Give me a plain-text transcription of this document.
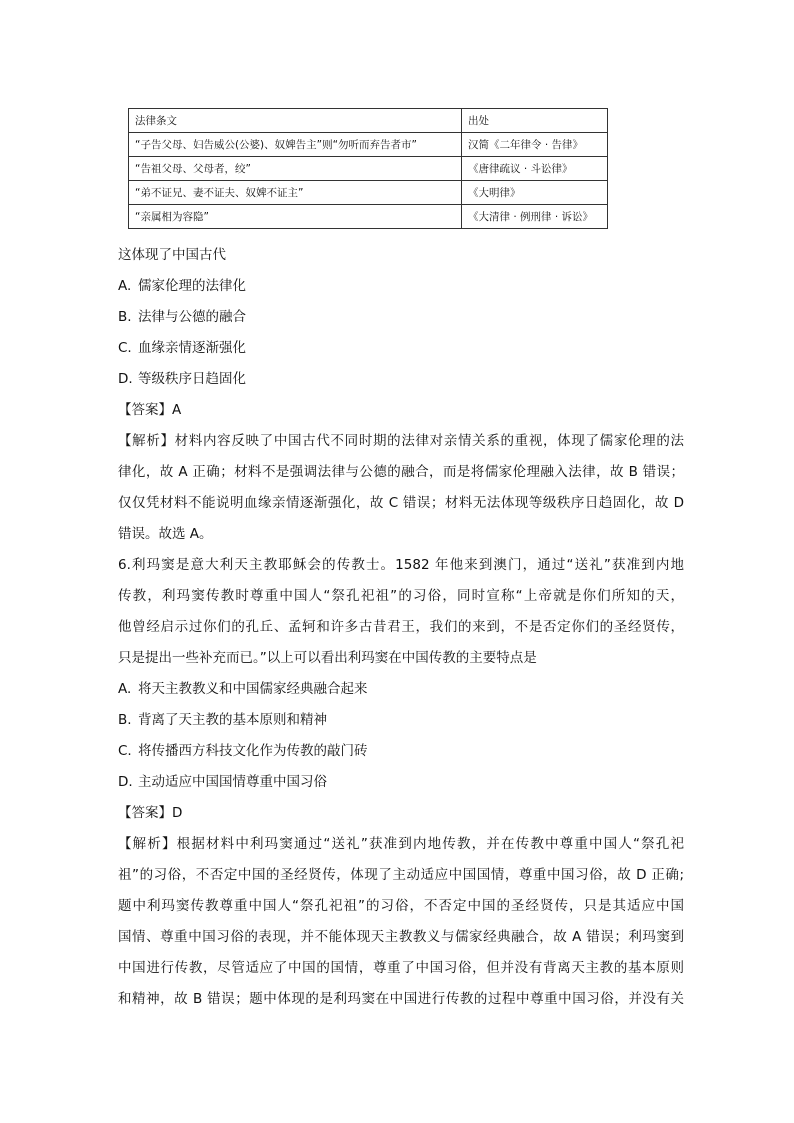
法律条文	出处
“子告父母、妇告威公(公婆)、奴婢告主”则“勿听而弃告者市”	汉简《二年律令 · 告律》
“告祖父母、父母者，绞”	《唐律疏议 · 斗讼律》
“弟不证兄、妻不证夫、奴婢不证主”	《大明律》
“亲属相为容隐”	《大清律 · 例刑律 · 诉讼》
这体现了中国古代
A. 儒家伦理的法律化
B. 法律与公德的融合
C. 血缘亲情逐渐强化
D. 等级秩序日趋固化
【答案】A
【解析】材料内容反映了中国古代不同时期的法律对亲情关系的重视，体现了儒家伦理的法
律化，故 A 正确；材料不是强调法律与公德的融合，而是将儒家伦理融入法律，故 B 错误；
仅仅凭材料不能说明血缘亲情逐渐强化，故 C 错误；材料无法体现等级秩序日趋固化，故 D
错误。故选 A。
6.利玛窦是意大利天主教耶稣会的传教士。1582 年他来到澳门，通过“送礼”获准到内地
传教，利玛窦传教时尊重中国人“祭孔祀祖”的习俗，同时宣称“上帝就是你们所知的天，
他曾经启示过你们的孔丘、孟轲和许多古昔君王，我们的来到，不是否定你们的圣经贤传，
只是提出一些补充而已。”以上可以看出利玛窦在中国传教的主要特点是
A. 将天主教教义和中国儒家经典融合起来
B. 背离了天主教的基本原则和精神
C. 将传播西方科技文化作为传教的敲门砖
D. 主动适应中国国情尊重中国习俗
【答案】D
【解析】根据材料中利玛窦通过“送礼”获准到内地传教，并在传教中尊重中国人“祭孔祀
祖”的习俗，不否定中国的圣经贤传，体现了主动适应中国国情，尊重中国习俗，故 D 正确;
题中利玛窦传教尊重中国人“祭孔祀祖”的习俗，不否定中国的圣经贤传，只是其适应中国
国情、尊重中国习俗的表现，并不能体现天主教教义与儒家经典融合，故 A 错误；利玛窦到
中国进行传教，尽管适应了中国的国情，尊重了中国习俗，但并没有背离天主教的基本原则
和精神，故 B 错误；题中体现的是利玛窦在中国进行传教的过程中尊重中国习俗，并没有关
